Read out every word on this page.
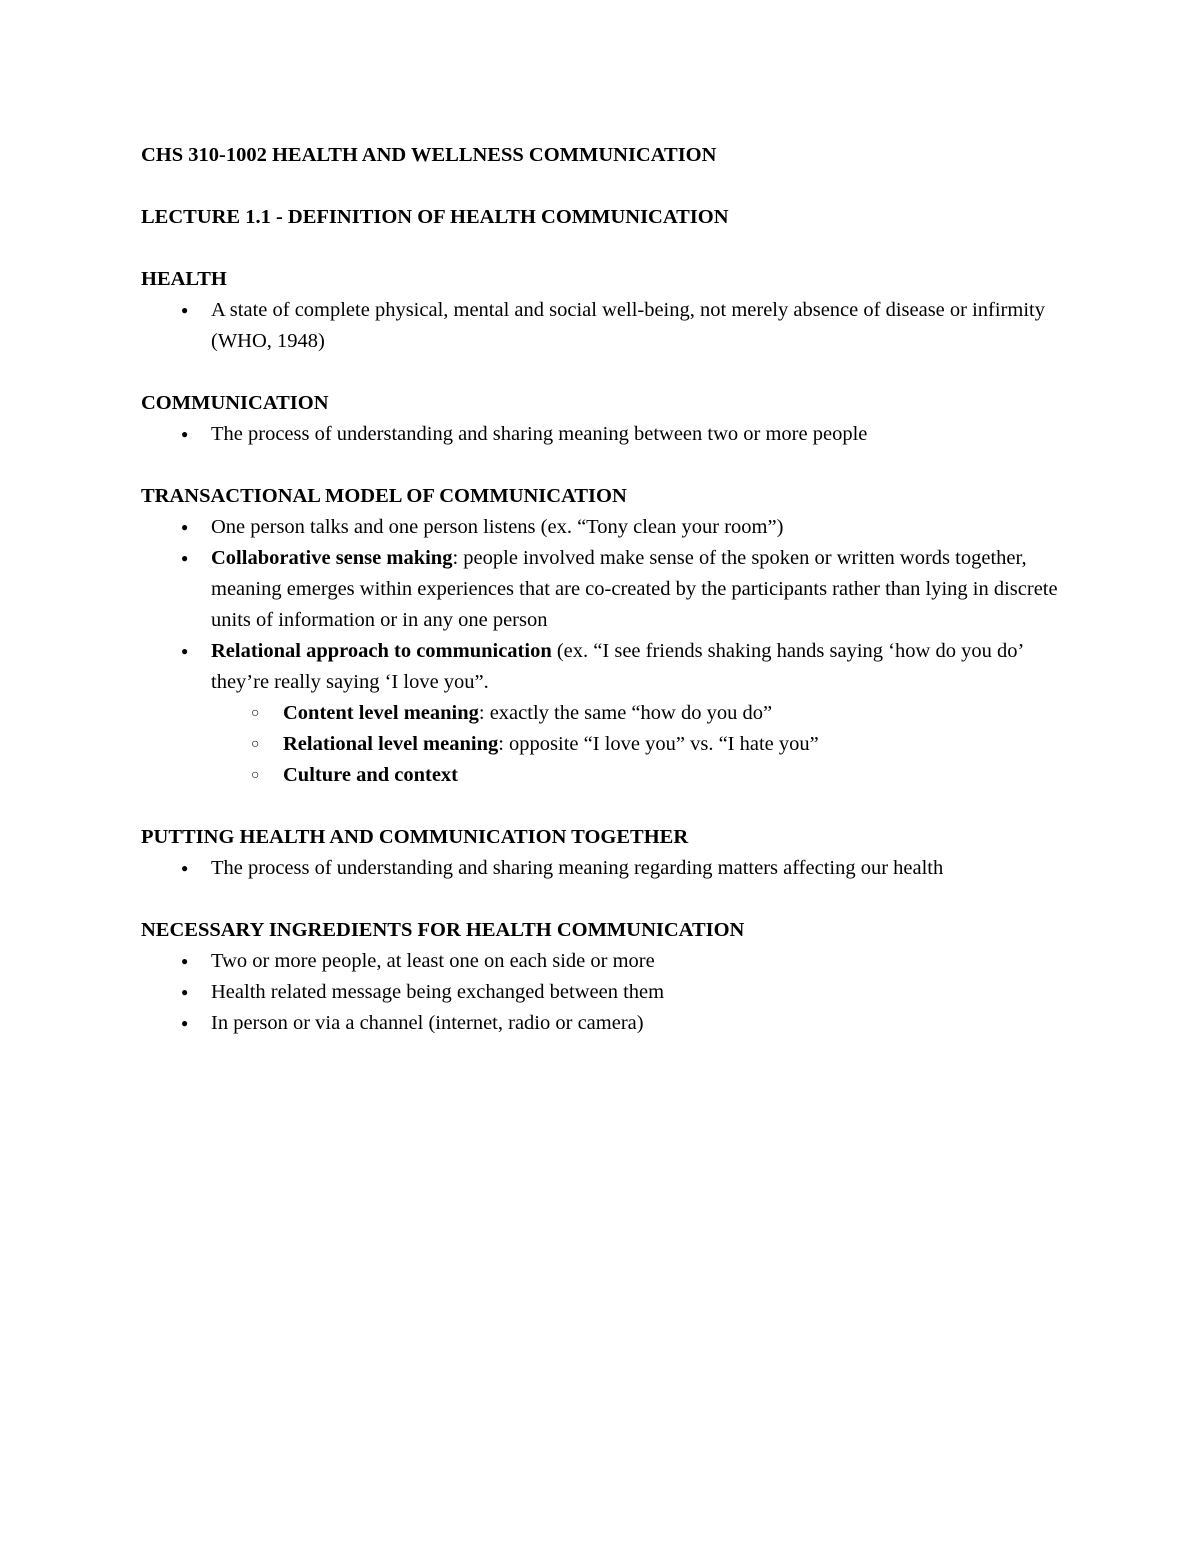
CHS 310-1002 HEALTH AND WELLNESS COMMUNICATION

LECTURE 1.1 - DEFINITION OF HEALTH COMMUNICATION

HEALTH

● A state of complete physical, mental and social well-being, not merely absence of disease or infirmity (WHO, 1948)

COMMUNICATION

● The process of understanding and sharing meaning between two or more people

TRANSACTIONAL MODEL OF COMMUNICATION

● One person talks and one person listens (ex. “Tony clean your room”)
● Collaborative sense making: people involved make sense of the spoken or written words together, meaning emerges within experiences that are co-created by the participants rather than lying in discrete units of information or in any one person
● Relational approach to communication (ex. “I see friends shaking hands saying ‘how do you do’ they’re really saying ‘I love you”.
○ Content level meaning: exactly the same “how do you do”
○ Relational level meaning: opposite “I love you” vs. “I hate you”
○ Culture and context

PUTTING HEALTH AND COMMUNICATION TOGETHER

● The process of understanding and sharing meaning regarding matters affecting our health

NECESSARY INGREDIENTS FOR HEALTH COMMUNICATION

● Two or more people, at least one on each side or more
● Health related message being exchanged between them
● In person or via a channel (internet, radio or camera)
